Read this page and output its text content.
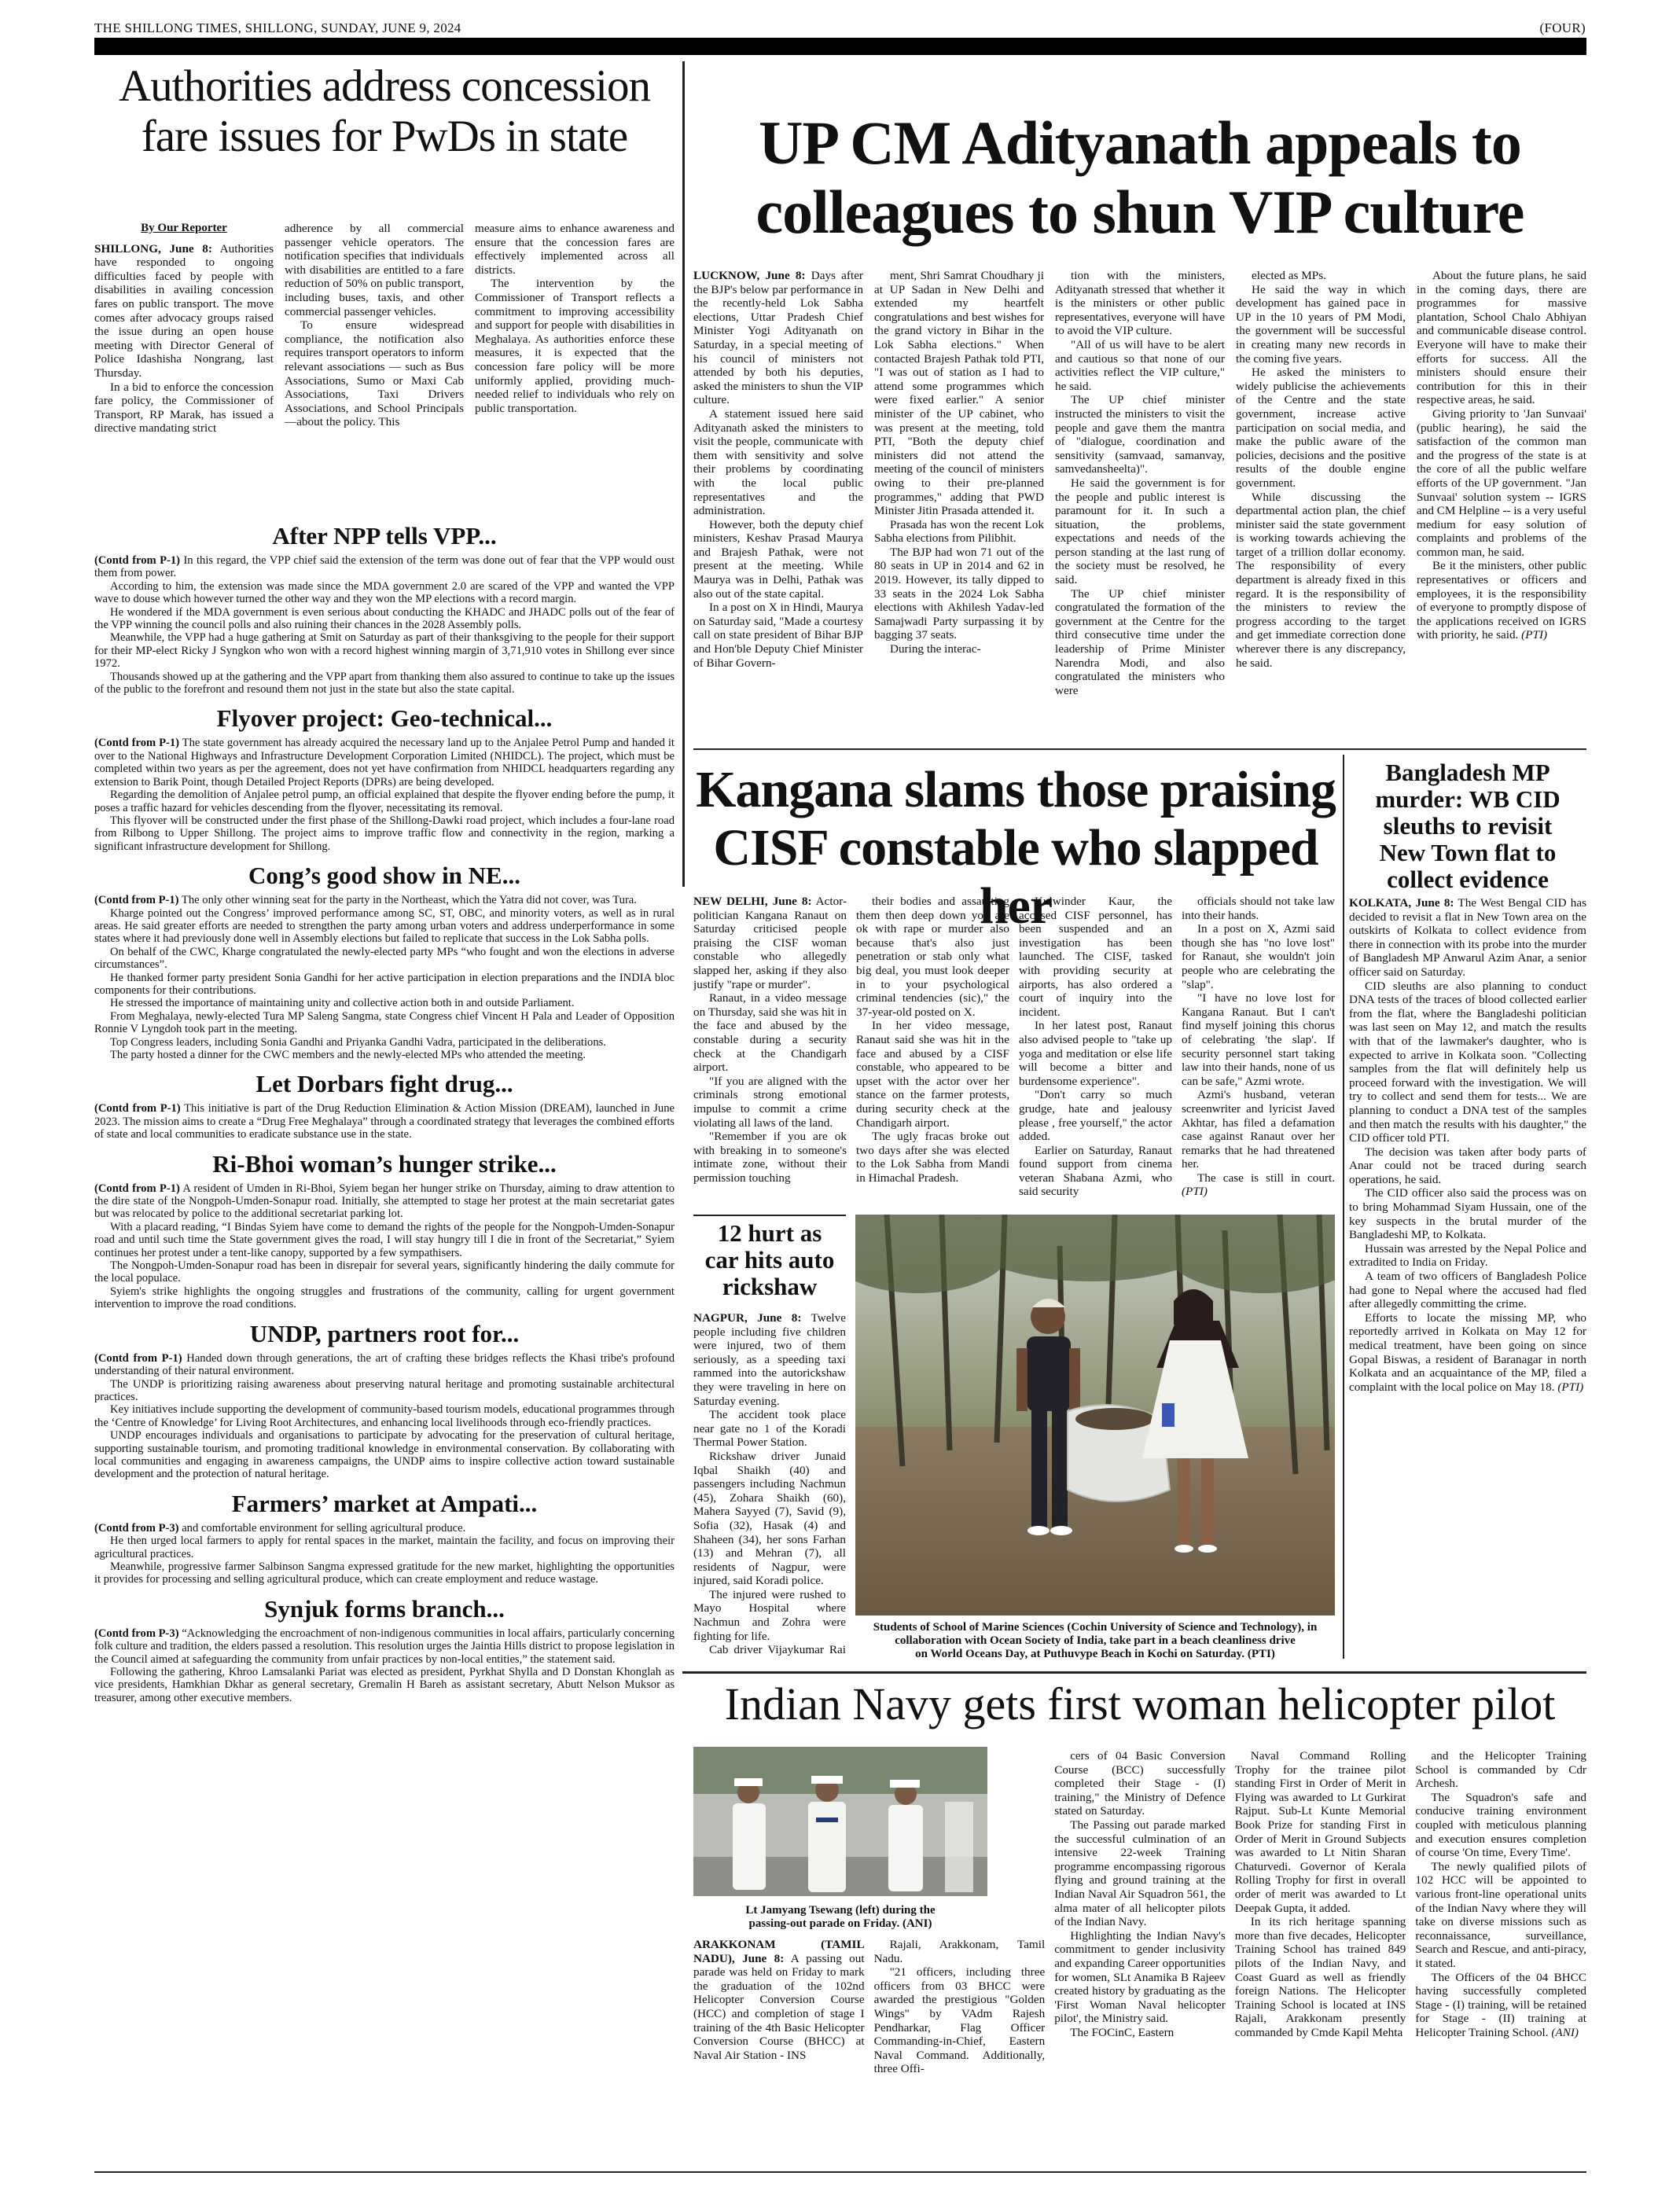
THE SHILLONG TIMES, SHILLONG, SUNDAY, JUNE 9, 2024	(FOUR)
Authorities address concession
fare issues for PwDs in state
By Our Reporter

SHILLONG, June 8: Authorities have responded to ongoing difficulties faced by people with disabilities in availing concession fares on public transport. The move comes after advocacy groups raised the issue during an open house meeting with Director General of Police Idashisha Nongrang, last Thursday.

In a bid to enforce the concession fare policy, the Commissioner of Transport, RP Marak, has issued a directive mandating strict

adherence by all commercial passenger vehicle operators. The notification specifies that individuals with disabilities are entitled to a fare reduction of 50% on public transport, including buses, taxis, and other commercial passenger vehicles.

To ensure widespread compliance, the notification also requires transport operators to inform relevant associations — such as Bus Associations, Sumo or Maxi Cab Associations, Taxi Drivers Associations, and School Principals—about the policy. This

measure aims to enhance awareness and ensure that the concession fares are effectively implemented across all districts.

The intervention by the Commissioner of Transport reflects a commitment to improving accessibility and support for people with disabilities in Meghalaya. As authorities enforce these measures, it is expected that the concession fare policy will be more uniformly applied, providing much-needed relief to individuals who rely on public transportation.

After NPP tells VPP...

(Contd from P-1) In this regard, the VPP chief said the extension of the term was done out of fear that the VPP would oust them from power.

According to him, the extension was made since the MDA government 2.0 are scared of the VPP and wanted the VPP wave to douse which however turned the other way and they won the MP elections with a record margin.

He wondered if the MDA government is even serious about conducting the KHADC and JHADC polls out of the fear of the VPP winning the council polls and also ruining their chances in the 2028 Assembly polls.

Meanwhile, the VPP had a huge gathering at Smit on Saturday as part of their thanksgiving to the people for their support for their MP-elect Ricky J Syngkon who won with a record highest winning margin of 3,71,910 votes in Shillong ever since 1972.

Thousands showed up at the gathering and the VPP apart from thanking them also assured to continue to take up the issues of the public to the forefront and resound them not just in the state but also the state capital.

Flyover project: Geo-technical...

(Contd from P-1) The state government has already acquired the necessary land up to the Anjalee Petrol Pump and handed it over to the National Highways and Infrastructure Development Corporation Limited (NHIDCL). The project, which must be completed within two years as per the agreement, does not yet have confirmation from NHIDCL headquarters regarding any extension to Barik Point, though Detailed Project Reports (DPRs) are being developed.

Regarding the demolition of Anjalee petrol pump, an official explained that despite the flyover ending before the pump, it poses a traffic hazard for vehicles descending from the flyover, necessitating its removal.

This flyover will be constructed under the first phase of the Shillong-Dawki road project, which includes a four-lane road from Rilbong to Upper Shillong. The project aims to improve traffic flow and connectivity in the region, marking a significant infrastructure development for Shillong.

Cong’s good show in NE...

(Contd from P-1) The only other winning seat for the party in the Northeast, which the Yatra did not cover, was Tura.

Kharge pointed out the Congress’ improved performance among SC, ST, OBC, and minority voters, as well as in rural areas. He said greater efforts are needed to strengthen the party among urban voters and address underperformance in some states where it had previously done well in Assembly elections but failed to replicate that success in the Lok Sabha polls.

On behalf of the CWC, Kharge congratulated the newly-elected party MPs “who fought and won the elections in adverse circumstances”.

He thanked former party president Sonia Gandhi for her active participation in election preparations and the INDIA bloc components for their contributions.

He stressed the importance of maintaining unity and collective action both in and outside Parliament.

From Meghalaya, newly-elected Tura MP Saleng Sangma, state Congress chief Vincent H Pala and Leader of Opposition Ronnie V Lyngdoh took part in the meeting.

Top Congress leaders, including Sonia Gandhi and Priyanka Gandhi Vadra, participated in the deliberations.

The party hosted a dinner for the CWC members and the newly-elected MPs who attended the meeting.

Let Dorbars fight drug...

(Contd from P-1) This initiative is part of the Drug Reduction Elimination & Action Mission (DREAM), launched in June 2023. The mission aims to create a “Drug Free Meghalaya” through a coordinated strategy that leverages the combined efforts of state and local communities to eradicate substance use in the state.

Ri-Bhoi woman’s hunger strike...

(Contd from P-1) A resident of Umden in Ri-Bhoi, Syiem began her hunger strike on Thursday, aiming to draw attention to the dire state of the Nongpoh-Umden-Sonapur road. Initially, she attempted to stage her protest at the main secretariat gates but was relocated by police to the additional secretariat parking lot.

With a placard reading, “I Bindas Syiem have come to demand the rights of the people for the Nongpoh-Umden-Sonapur road and until such time the State government gives the road, I will stay hungry till I die in front of the Secretariat,” Syiem continues her protest under a tent-like canopy, supported by a few sympathisers.

The Nongpoh-Umden-Sonapur road has been in disrepair for several years, significantly hindering the daily commute for the local populace.

Syiem's strike highlights the ongoing struggles and frustrations of the community, calling for urgent government intervention to improve the road conditions.

UNDP, partners root for...

(Contd from P-1) Handed down through generations, the art of crafting these bridges reflects the Khasi tribe's profound understanding of their natural environment.

The UNDP is prioritizing raising awareness about preserving natural heritage and promoting sustainable architectural practices.

Key initiatives include supporting the development of community-based tourism models, educational programmes through the ‘Centre of Knowledge’ for Living Root Architectures, and enhancing local livelihoods through eco-friendly practices.

UNDP encourages individuals and organisations to participate by advocating for the preservation of cultural heritage, supporting sustainable tourism, and promoting traditional knowledge in environmental conservation. By collaborating with local communities and engaging in awareness campaigns, the UNDP aims to inspire collective action toward sustainable development and the protection of natural heritage.

Farmers’ market at Ampati...

(Contd from P-3) and comfortable environment for selling agricultural produce.

He then urged local farmers to apply for rental spaces in the market, maintain the facility, and focus on improving their agricultural practices.

Meanwhile, progressive farmer Salbinson Sangma expressed gratitude for the new market, highlighting the opportunities it provides for processing and selling agricultural produce, which can create employment and reduce wastage.

Synjuk forms branch...

(Contd from P-3) “Acknowledging the encroachment of non-indigenous communities in local affairs, particularly concerning folk culture and tradition, the elders passed a resolution. This resolution urges the Jaintia Hills district to propose legislation in the Council aimed at safeguarding the community from unfair practices by non-local entities,” the statement said.

Following the gathering, Khroo Lamsalanki Pariat was elected as president, Pyrkhat Shylla and D Donstan Khonglah as vice presidents, Hamkhian Dkhar as general secretary, Gremalin H Bareh as assistant secretary, Abutt Nelson Muksor as treasurer, among other executive members.

UP CM Adityanath appeals to
colleagues to shun VIP culture

LUCKNOW, June 8: Days after the BJP's below par performance in the recently-held Lok Sabha elections, Uttar Pradesh Chief Minister Yogi Adityanath on Saturday, in a special meeting of his council of ministers not attended by both his deputies, asked the ministers to shun the VIP culture.

A statement issued here said Adityanath asked the ministers to visit the people, communicate with them with sensitivity and solve their problems by coordinating with the local public representatives and the administration.

However, both the deputy chief ministers, Keshav Prasad Maurya and Brajesh Pathak, were not present at the meeting. While Maurya was in Delhi, Pathak was also out of the state capital.

In a post on X in Hindi, Maurya on Saturday said, "Made a courtesy call on state president of Bihar BJP and Hon'ble Deputy Chief Minister of Bihar Govern-

ment, Shri Samrat Choudhary ji at UP Sadan in New Delhi and extended my heartfelt congratulations and best wishes for the grand victory in Bihar in the Lok Sabha elections." When contacted Brajesh Pathak told PTI, "I was out of station as I had to attend some programmes which were fixed earlier." A senior minister of the UP cabinet, who was present at the meeting, told PTI, "Both the deputy chief ministers did not attend the meeting of the council of ministers owing to their pre-planned programmes," adding that PWD Minister Jitin Prasada attended it.

Prasada has won the recent Lok Sabha elections from Pilibhit.

The BJP had won 71 out of the 80 seats in UP in 2014 and 62 in 2019. However, its tally dipped to 33 seats in the 2024 Lok Sabha elections with Akhilesh Yadav-led Samajwadi Party surpassing it by bagging 37 seats.

During the interac-

tion with the ministers, Adityanath stressed that whether it is the ministers or other public representatives, everyone will have to avoid the VIP culture.

"All of us will have to be alert and cautious so that none of our activities reflect the VIP culture," he said.

The UP chief minister instructed the ministers to visit the people and gave them the mantra of "dialogue, coordination and sensitivity (samvaad, samanvay, samvedansheelta)".

He said the government is for the people and public interest is paramount for it. In such a situation, the problems, expectations and needs of the person standing at the last rung of the society must be resolved, he said.

The UP chief minister congratulated the formation of the government at the Centre for the third consecutive time under the leadership of Prime Minister Narendra Modi, and also congratulated the ministers who were

elected as MPs.

He said the way in which development has gained pace in UP in the 10 years of PM Modi, the government will be successful in creating many new records in the coming five years.

He asked the ministers to widely publicise the achievements of the Centre and the state government, increase active participation on social media, and make the public aware of the policies, decisions and the positive results of the double engine government.

While discussing the departmental action plan, the chief minister said the state government is working towards achieving the target of a trillion dollar economy. The responsibility of every department is already fixed in this regard. It is the responsibility of the ministers to review the progress according to the target and get immediate correction done wherever there is any discrepancy, he said.

About the future plans, he said in the coming days, there are programmes for massive plantation, School Chalo Abhiyan and communicable disease control. Everyone will have to make their efforts for success. All the ministers should ensure their contribution for this in their respective areas, he said.

Giving priority to 'Jan Sunvaai' (public hearing), he said the satisfaction of the common man and the progress of the state is at the core of all the public welfare efforts of the UP government. "Jan Sunvaai' solution system -- IGRS and CM Helpline -- is a very useful medium for easy solution of complaints and problems of the common man, he said.

Be it the ministers, other public representatives or officers and employees, it is the responsibility of everyone to promptly dispose of the applications received on IGRS with priority, he said. (PTI)

Kangana slams those praising
CISF constable who slapped her

NEW DELHI, June 8: Actor-politician Kangana Ranaut on Saturday criticised people praising the CISF woman constable who allegedly slapped her, asking if they also justify "rape or murder".

Ranaut, in a video message on Thursday, said she was hit in the face and abused by the constable during a security check at the Chandigarh airport.

"If you are aligned with the criminals strong emotional impulse to commit a crime violating all laws of the land.

"Remember if you are ok with breaking in to someone's intimate zone, without their permission touching

their bodies and assaulting them then deep down you are ok with rape or murder also because that's also just penetration or stab only what big deal, you must look deeper in to your psychological criminal tendencies (sic)," the 37-year-old posted on X.

In her video message, Ranaut said she was hit in the face and abused by a CISF constable, who appeared to be upset with the actor over her stance on the farmer protests, during security check at the Chandigarh airport.

The ugly fracas broke out two days after she was elected to the Lok Sabha from Mandi in Himachal Pradesh.

Kulwinder Kaur, the accused CISF personnel, has been suspended and an investigation has been launched. The CISF, tasked with providing security at airports, has also ordered a court of inquiry into the incident.

In her latest post, Ranaut also advised people to "take up yoga and meditation or else life will become a bitter and burdensome experience".

"Don't carry so much grudge, hate and jealousy please , free yourself," the actor added.

Earlier on Saturday, Ranaut found support from cinema veteran Shabana Azmi, who said security

officials should not take law into their hands.

In a post on X, Azmi said though she has "no love lost" for Ranaut, she wouldn't join people who are celebrating the "slap".

"I have no love lost for Kangana Ranaut. But I can't find myself joining this chorus of celebrating 'the slap'. If security personnel start taking law into their hands, none of us can be safe," Azmi wrote.

Azmi's husband, veteran screenwriter and lyricist Javed Akhtar, has filed a defamation case against Ranaut over her remarks that he had threatened her.

The case is still in court. (PTI)

Bangladesh MP
murder: WB CID
sleuths to revisit
New Town flat to
collect evidence

KOLKATA, June 8: The West Bengal CID has decided to revisit a flat in New Town area on the outskirts of Kolkata to collect evidence from there in connection with its probe into the murder of Bangladesh MP Anwarul Azim Anar, a senior officer said on Saturday.

CID sleuths are also planning to conduct DNA tests of the traces of blood collected earlier from the flat, where the Bangladeshi politician was last seen on May 12, and match the results with that of the lawmaker's daughter, who is expected to arrive in Kolkata soon. "Collecting samples from the flat will definitely help us proceed forward with the investigation. We will try to collect and send them for tests... We are planning to conduct a DNA test of the samples and then match the results with his daughter," the CID officer told PTI.

The decision was taken after body parts of Anar could not be traced during search operations, he said.

The CID officer also said the process was on to bring Mohammad Siyam Hussain, one of the key suspects in the brutal murder of the Bangladeshi MP, to Kolkata.

Hussain was arrested by the Nepal Police and extradited to India on Friday.

A team of two officers of Bangladesh Police had gone to Nepal where the accused had fled after allegedly committing the crime.

Efforts to locate the missing MP, who reportedly arrived in Kolkata on May 12 for medical treatment, have been going on since Gopal Biswas, a resident of Baranagar in north Kolkata and an acquaintance of the MP, filed a complaint with the local police on May 18. (PTI)

12 hurt as
car hits auto
rickshaw

NAGPUR, June 8: Twelve people including five children were injured, two of them seriously, as a speeding taxi rammed into the autorickshaw they were traveling in here on Saturday evening.

The accident took place near gate no 1 of the Koradi Thermal Power Station.

Rickshaw driver Junaid Iqbal Shaikh (40) and passengers including Nachmun (45), Zohara Shaikh (60), Mahera Sayyed (7), Savid (9), Sofia (32), Hasak (4) and Shaheen (34), her sons Farhan (13) and Mehran (7), all residents of Nagpur, were injured, said Koradi police.

The injured were rushed to Mayo Hospital where Nachmun and Zohra were fighting for life.

Cab driver Vijaykumar Rai

Students of School of Marine Sciences (Cochin University of Science and Technology), in
collaboration with Ocean Society of India, take part in a beach cleanliness drive
on World Oceans Day, at Puthuvype Beach in Kochi on Saturday. (PTI)
Indian Navy gets first woman helicopter pilot
Lt Jamyang Tsewang (left) during the
passing-out parade on Friday. (ANI)

ARAKKONAM (TAMIL NADU), June 8: A passing out parade was held on Friday to mark the graduation of the 102nd Helicopter Conversion Course (HCC) and completion of stage I training of the 4th Basic Helicopter Conversion Course (BHCC) at Naval Air Station - INS

Rajali, Arakkonam, Tamil Nadu.

"21 officers, including three officers from 03 BHCC were awarded the prestigious "Golden Wings" by VAdm Rajesh Pendharkar, Flag Officer Commanding-in-Chief, Eastern Naval Command. Additionally, three Offi-

cers of 04 Basic Conversion Course (BCC) successfully completed their Stage - (I) training," the Ministry of Defence stated on Saturday.

The Passing out parade marked the successful culmination of an intensive 22-week Training programme encompassing rigorous flying and ground training at the Indian Naval Air Squadron 561, the alma mater of all helicopter pilots of the Indian Navy.

Highlighting the Indian Navy's commitment to gender inclusivity and expanding Career opportunities for women, SLt Anamika B Rajeev created history by graduating as the 'First Woman Naval helicopter pilot', the Ministry said.

The FOCinC, Eastern

Naval Command Rolling Trophy for the trainee pilot standing First in Order of Merit in Flying was awarded to Lt Gurkirat Rajput. Sub-Lt Kunte Memorial Book Prize for standing First in Order of Merit in Ground Subjects was awarded to Lt Nitin Sharan Chaturvedi. Governor of Kerala Rolling Trophy for first in overall order of merit was awarded to Lt Deepak Gupta, it added.

In its rich heritage spanning more than five decades, Helicopter Training School has trained 849 pilots of the Indian Navy, and Coast Guard as well as friendly foreign Nations. The Helicopter Training School is located at INS Rajali, Arakkonam presently commanded by Cmde Kapil Mehta

and the Helicopter Training School is commanded by Cdr Archesh.

The Squadron's safe and conducive training environment coupled with meticulous planning and execution ensures completion of course 'On time, Every Time'.

The newly qualified pilots of 102 HCC will be appointed to various front-line operational units of the Indian Navy where they will take on diverse missions such as reconnaissance, surveillance, Search and Rescue, and anti-piracy, it stated.

The Officers of the 04 BHCC having successfully completed Stage - (I) training, will be retained for Stage - (II) training at Helicopter Training School. (ANI)
